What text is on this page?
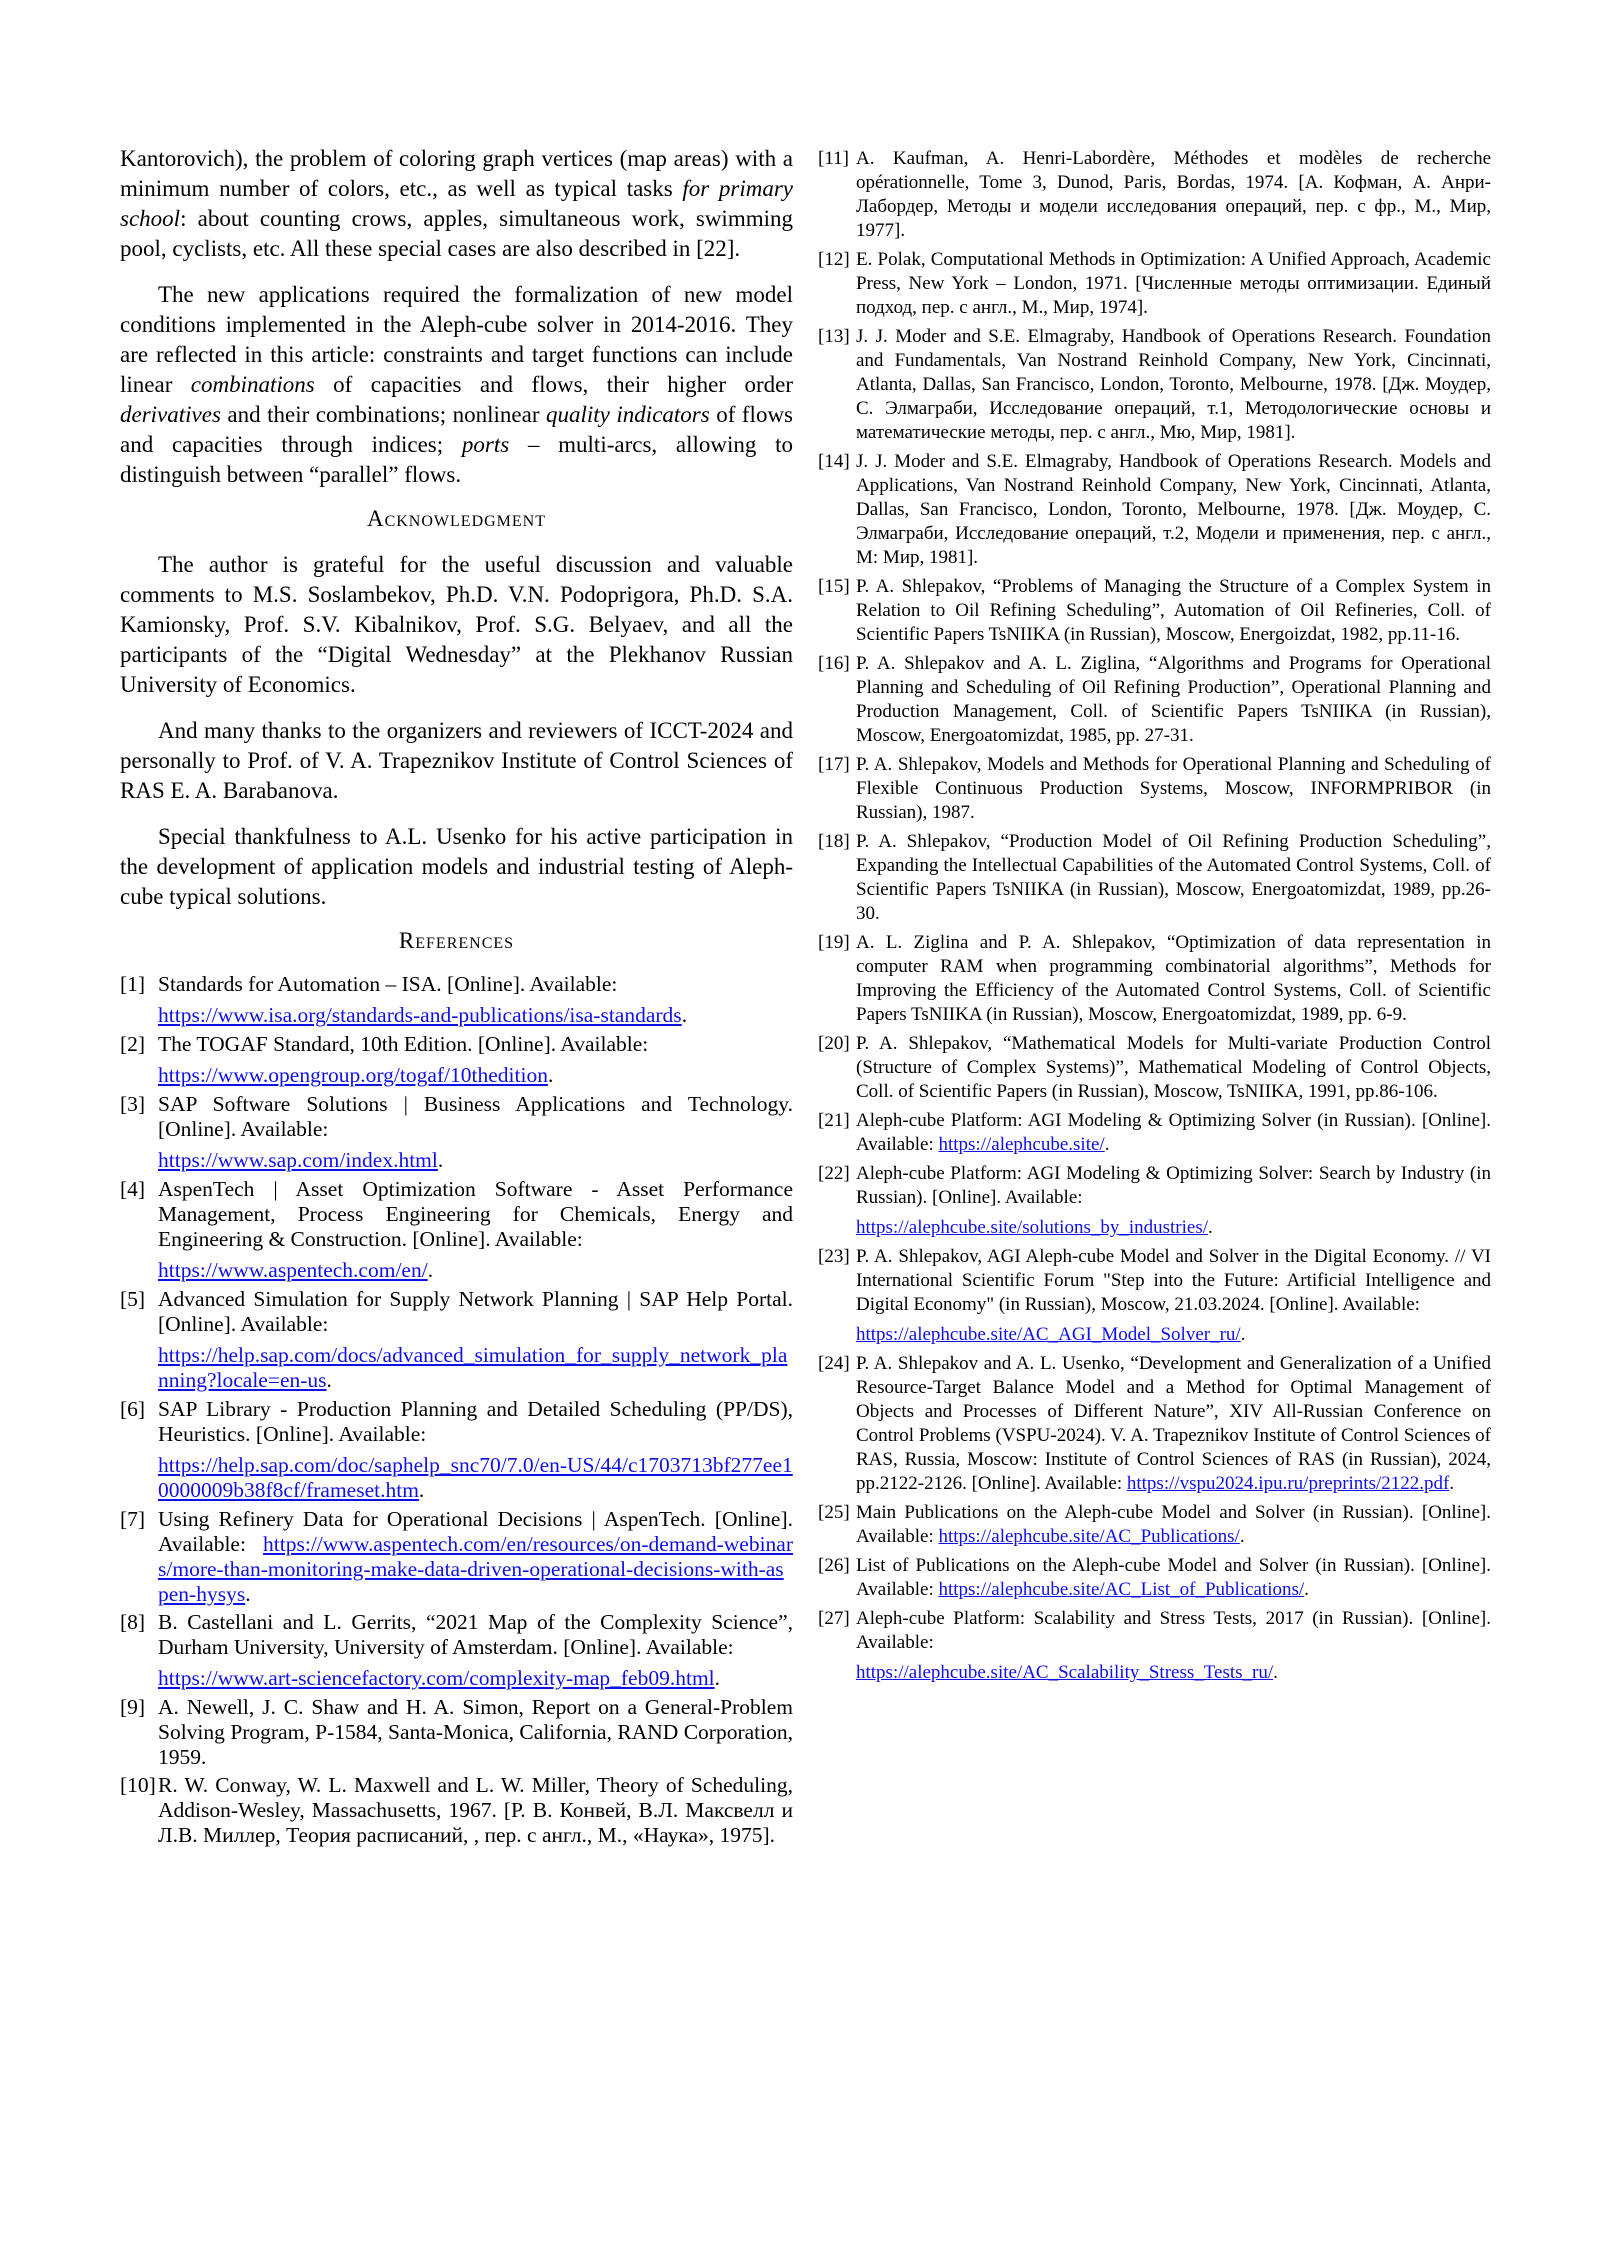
Kantorovich), the problem of coloring graph vertices (map areas) with a minimum number of colors, etc., as well as typical tasks for primary school: about counting crows, apples, simultaneous work, swimming pool, cyclists, etc. All these special cases are also described in [22].
The new applications required the formalization of new model conditions implemented in the Aleph-cube solver in 2014-2016. They are reflected in this article: constraints and target functions can include linear combinations of capacities and flows, their higher order derivatives and their combinations; nonlinear quality indicators of flows and capacities through indices; ports – multi-arcs, allowing to distinguish between “parallel” flows.
Acknowledgment
The author is grateful for the useful discussion and valuable comments to M.S. Soslambekov, Ph.D. V.N. Podoprigora, Ph.D. S.A. Kamionsky, Prof. S.V. Kibalnikov, Prof. S.G. Belyaev, and all the participants of the “Digital Wednesday” at the Plekhanov Russian University of Economics.
And many thanks to the organizers and reviewers of ICCT-2024 and personally to Prof. of V. A. Trapeznikov Institute of Control Sciences of RAS E. A. Barabanova.
Special thankfulness to A.L. Usenko for his active participation in the development of application models and industrial testing of Aleph-cube typical solutions.
References
[1] Standards for Automation – ISA. [Online]. Available:
https://www.isa.org/standards-and-publications/isa-standards.
[2] The TOGAF Standard, 10th Edition. [Online]. Available:
https://www.opengroup.org/togaf/10thedition.
[3] SAP Software Solutions | Business Applications and Technology. [Online]. Available:
https://www.sap.com/index.html.
[4] AspenTech | Asset Optimization Software - Asset Performance Management, Process Engineering for Chemicals, Energy and Engineering & Construction. [Online]. Available:
https://www.aspentech.com/en/.
[5] Advanced Simulation for Supply Network Planning | SAP Help Portal. [Online]. Available:
https://help.sap.com/docs/advanced_simulation_for_supply_network_planning?locale=en-us.
[6] SAP Library - Production Planning and Detailed Scheduling (PP/DS), Heuristics. [Online]. Available:
https://help.sap.com/doc/saphelp_snc70/7.0/en-US/44/c1703713bf277ee10000009b38f8cf/frameset.htm.
[7] Using Refinery Data for Operational Decisions | AspenTech. [Online]. Available: https://www.aspentech.com/en/resources/on-demand-webinars/more-than-monitoring-make-data-driven-operational-decisions-with-aspen-hysys.
[8] B. Castellani and L. Gerrits, “2021 Map of the Complexity Science”, Durham University, University of Amsterdam. [Online]. Available:
https://www.art-sciencefactory.com/complexity-map_feb09.html.
[9] A. Newell, J. C. Shaw and H. A. Simon, Report on a General-Problem Solving Program, P-1584, Santa-Monica, California, RAND Corporation, 1959.
[10] R. W. Conway, W. L. Maxwell and L. W. Miller, Theory of Scheduling, Addison-Wesley, Massachusetts, 1967. [Р. В. Конвей, В.Л. Максвелл и Л.В. Миллер, Теория расписаний, , пер. с англ., М., «Наука», 1975].
[11] A. Kaufman, A. Henri-Labordère, Méthodes et modèles de recherche opérationnelle, Tome 3, Dunod, Paris, Bordas, 1974. [А. Кофман, А. Анри-Лабордер, Методы и модели исследования операций, пер. с фр., М., Мир, 1977].
[12] E. Polak, Computational Methods in Optimization: A Unified Approach, Academic Press, New York – London, 1971. [Численные методы оптимизации. Единый подход, пер. с англ., М., Мир, 1974].
[13] J. J. Moder and S.E. Elmagraby, Handbook of Operations Research. Foundation and Fundamentals, Van Nostrand Reinhold Company, New York, Cincinnati, Atlanta, Dallas, San Francisco, London, Toronto, Melbourne, 1978. [Дж. Моудер, С. Элмаграби, Исследование операций, т.1, Методологические основы и математические методы, пер. с англ., Мю, Мир, 1981].
[14] J. J. Moder and S.E. Elmagraby, Handbook of Operations Research. Models and Applications, Van Nostrand Reinhold Company, New York, Cincinnati, Atlanta, Dallas, San Francisco, London, Toronto, Melbourne, 1978. [Дж. Моудер, С. Элмаграби, Исследование операций, т.2, Модели и применения, пер. с англ., М: Мир, 1981].
[15] P. A. Shlepakov, “Problems of Managing the Structure of a Complex System in Relation to Oil Refining Scheduling”, Automation of Oil Refineries, Coll. of Scientific Papers TsNIIKA (in Russian), Moscow, Energoizdat, 1982, pp.11-16.
[16] P. A. Shlepakov and A. L. Ziglina, “Algorithms and Programs for Operational Planning and Scheduling of Oil Refining Production”, Operational Planning and Production Management, Coll. of Scientific Papers TsNIIKA (in Russian), Moscow, Energoatomizdat, 1985, pp. 27-31.
[17] P. A. Shlepakov, Models and Methods for Operational Planning and Scheduling of Flexible Continuous Production Systems, Moscow, INFORMPRIBOR (in Russian), 1987.
[18] P. A. Shlepakov, “Production Model of Oil Refining Production Scheduling”, Expanding the Intellectual Capabilities of the Automated Control Systems, Coll. of Scientific Papers TsNIIKA (in Russian), Moscow, Energoatomizdat, 1989, pp.26-30.
[19] A. L. Ziglina and P. A. Shlepakov, “Optimization of data representation in computer RAM when programming combinatorial algorithms”, Methods for Improving the Efficiency of the Automated Control Systems, Coll. of Scientific Papers TsNIIKA (in Russian), Moscow, Energoatomizdat, 1989, pp. 6-9.
[20] P. A. Shlepakov, “Mathematical Models for Multi-variate Production Control (Structure of Complex Systems)”, Mathematical Modeling of Control Objects, Coll. of Scientific Papers (in Russian), Moscow, TsNIIKA, 1991, pp.86-106.
[21] Aleph-cube Platform: AGI Modeling & Optimizing Solver (in Russian). [Online]. Available: https://alephcube.site/.
[22] Aleph-cube Platform: AGI Modeling & Optimizing Solver: Search by Industry (in Russian). [Online]. Available:
https://alephcube.site/solutions_by_industries/.
[23] P. A. Shlepakov, AGI Aleph-cube Model and Solver in the Digital Economy. // VI International Scientific Forum "Step into the Future: Artificial Intelligence and Digital Economy" (in Russian), Moscow, 21.03.2024. [Online]. Available:
https://alephcube.site/AC_AGI_Model_Solver_ru/.
[24] P. A. Shlepakov and A. L. Usenko, “Development and Generalization of a Unified Resource-Target Balance Model and a Method for Optimal Management of Objects and Processes of Different Nature”, XIV All-Russian Conference on Control Problems (VSPU-2024). V. A. Trapeznikov Institute of Control Sciences of RAS, Russia, Moscow: Institute of Control Sciences of RAS (in Russian), 2024, pp.2122-2126. [Online]. Available: https://vspu2024.ipu.ru/preprints/2122.pdf.
[25] Main Publications on the Aleph-cube Model and Solver (in Russian). [Online]. Available: https://alephcube.site/AC_Publications/.
[26] List of Publications on the Aleph-cube Model and Solver (in Russian). [Online]. Available: https://alephcube.site/AC_List_of_Publications/.
[27] Aleph-cube Platform: Scalability and Stress Tests, 2017 (in Russian). [Online]. Available:
https://alephcube.site/AC_Scalability_Stress_Tests_ru/.
